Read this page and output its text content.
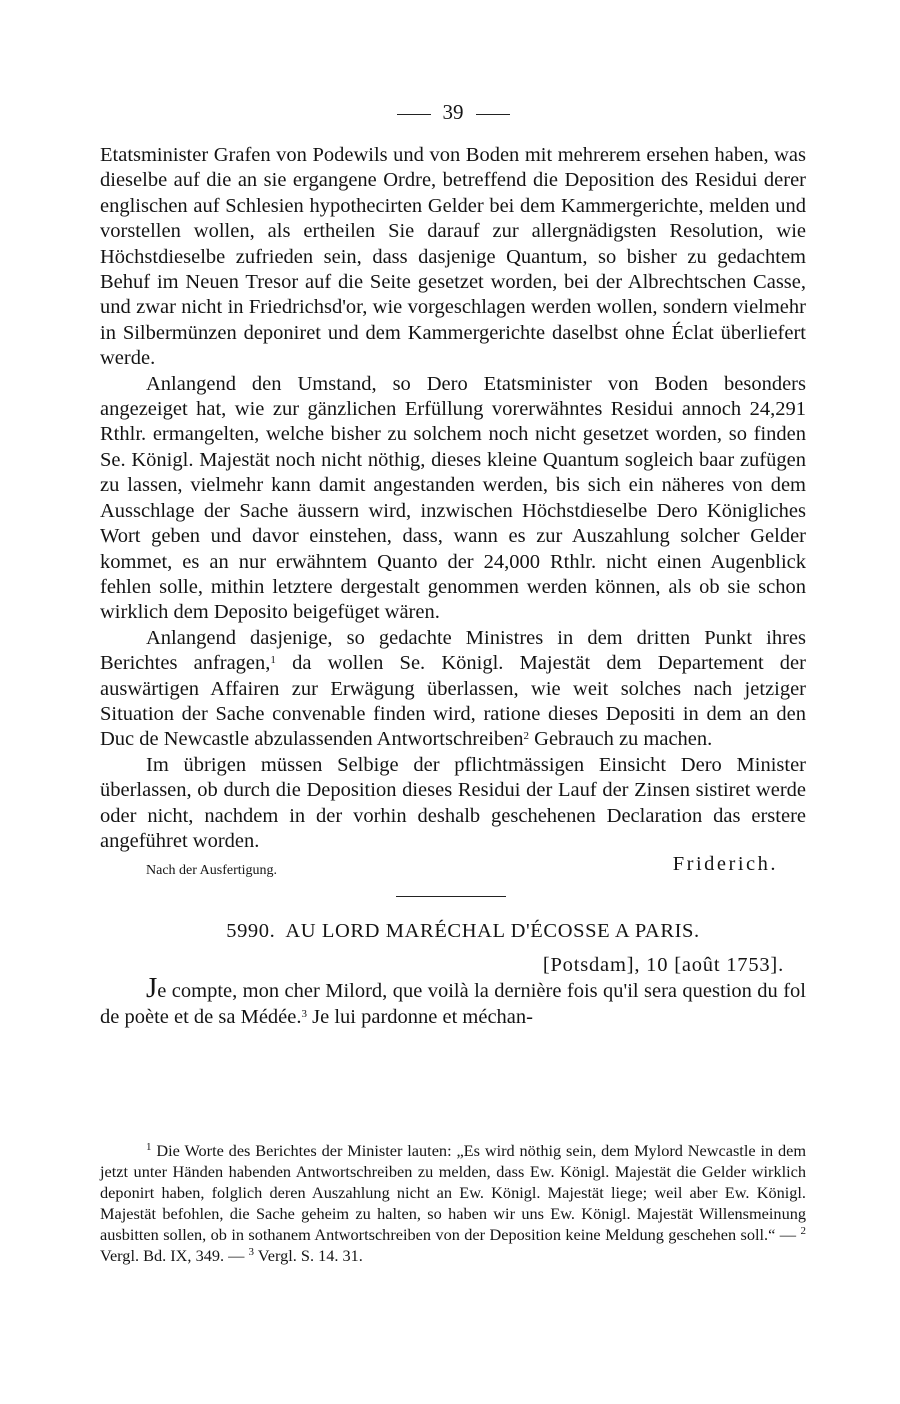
39

Etatsminister Grafen von Podewils und von Boden mit mehrerem ersehen haben, was dieselbe auf die an sie ergangene Ordre, betreffend die Deposition des Residui derer englischen auf Schlesien hypothecirten Gelder bei dem Kammergerichte, melden und vorstellen wollen, als ertheilen Sie darauf zur allergnädigsten Resolution, wie Höchstdieselbe zufrieden sein, dass dasjenige Quantum, so bisher zu gedachtem Behuf im Neuen Tresor auf die Seite gesetzet worden, bei der Albrechtschen Casse, und zwar nicht in Friedrichsd'or, wie vorgeschlagen werden wollen, sondern vielmehr in Silbermünzen deponiret und dem Kammergerichte daselbst ohne Éclat überliefert werde.

Anlangend den Umstand, so Dero Etatsminister von Boden besonders angezeiget hat, wie zur gänzlichen Erfüllung vorerwähntes Residui annoch 24,291 Rthlr. ermangelten, welche bisher zu solchem noch nicht gesetzet worden, so finden Se. Königl. Majestät noch nicht nöthig, dieses kleine Quantum sogleich baar zufügen zu lassen, vielmehr kann damit angestanden werden, bis sich ein näheres von dem Ausschlage der Sache äussern wird, inzwischen Höchstdieselbe Dero Königliches Wort geben und davor einstehen, dass, wann es zur Auszahlung solcher Gelder kommet, es an nur erwähntem Quanto der 24,000 Rthlr. nicht einen Augenblick fehlen solle, mithin letztere dergestalt genommen werden können, als ob sie schon wirklich dem Deposito beigefüget wären.

Anlangend dasjenige, so gedachte Ministres in dem dritten Punkt ihres Berichtes anfragen,$^1$ da wollen Se. Königl. Majestät dem Departement der auswärtigen Affairen zur Erwägung überlassen, wie weit solches nach jetziger Situation der Sache convenable finden wird, ratione dieses Depositi in dem an den Duc de Newcastle abzulassenden Antwortschreiben$^2$ Gebrauch zu machen.

Im übrigen müssen Selbige der pflichtmässigen Einsicht Dero Minister überlassen, ob durch die Deposition dieses Residui der Lauf der Zinsen sistiret werde oder nicht, nachdem in der vorhin deshalb geschehenen Declaration das erstere angeführet worden.

Nach der Ausfertigung.	Friderich.
5990. AU LORD MARÉCHAL D'ÉCOSSE A PARIS.
[Potsdam], 10 [août 1753].

Je compte, mon cher Milord, que voilà la dernière fois qu'il sera question du fol de poète et de sa Médée.$^3$ Je lui pardonne et méchan-

$^1$ Die Worte des Berichtes der Minister lauten: „Es wird nöthig sein, dem Mylord Newcastle in dem jetzt unter Händen habenden Antwortschreiben zu melden, dass Ew. Königl. Majestät die Gelder wirklich deponirt haben, folglich deren Auszahlung nicht an Ew. Königl. Majestät liege; weil aber Ew. Königl. Majestät befohlen, die Sache geheim zu halten, so haben wir uns Ew. Königl. Majestät Willensmeinung ausbitten sollen, ob in sothanem Antwortschreiben von der Deposition keine Meldung geschehen soll.“ — $^2$ Vergl. Bd. IX, 349. — $^3$ Vergl. S. 14. 31.
